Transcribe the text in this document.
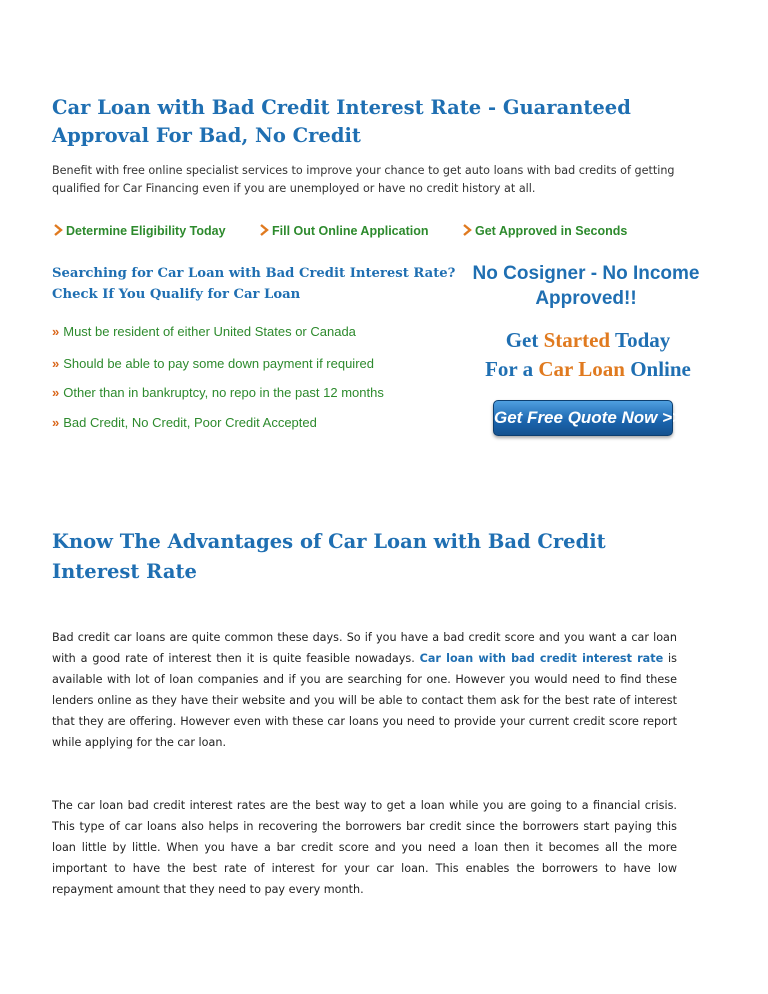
Car Loan with Bad Credit Interest Rate - Guaranteed Approval For Bad, No Credit
Benefit with free online specialist services to improve your chance to get auto loans with bad credits of getting qualified for Car Financing even if you are unemployed or have no credit history at all.
Determine Eligibility Today	Fill Out Online Application	Get Approved in Seconds
Searching for Car Loan with Bad Credit Interest Rate?
Check If You Qualify for Car Loan
No Cosigner - No Income
Approved!!
» Must be resident of either United States or Canada
» Should be able to pay some down payment if required
» Other than in bankruptcy, no repo in the past 12 months
» Bad Credit, No Credit, Poor Credit Accepted
Get Started Today
For a Car Loan Online
Get Free Quote Now >>
Know The Advantages of Car Loan with Bad Credit Interest Rate

Bad credit car loans are quite common these days. So if you have a bad credit score and you want a car loan with a good rate of interest then it is quite feasible nowadays. Car loan with bad credit interest rate is available with lot of loan companies and if you are searching for one. However you would need to find these lenders online as they have their website and you will be able to contact them ask for the best rate of interest that they are offering. However even with these car loans you need to provide your current credit score report while applying for the car loan.

The car loan bad credit interest rates are the best way to get a loan while you are going to a financial crisis. This type of car loans also helps in recovering the borrowers bar credit since the borrowers start paying this loan little by little. When you have a bar credit score and you need a loan then it becomes all the more important to have the best rate of interest for your car loan. This enables the borrowers to have low repayment amount that they need to pay every month.
